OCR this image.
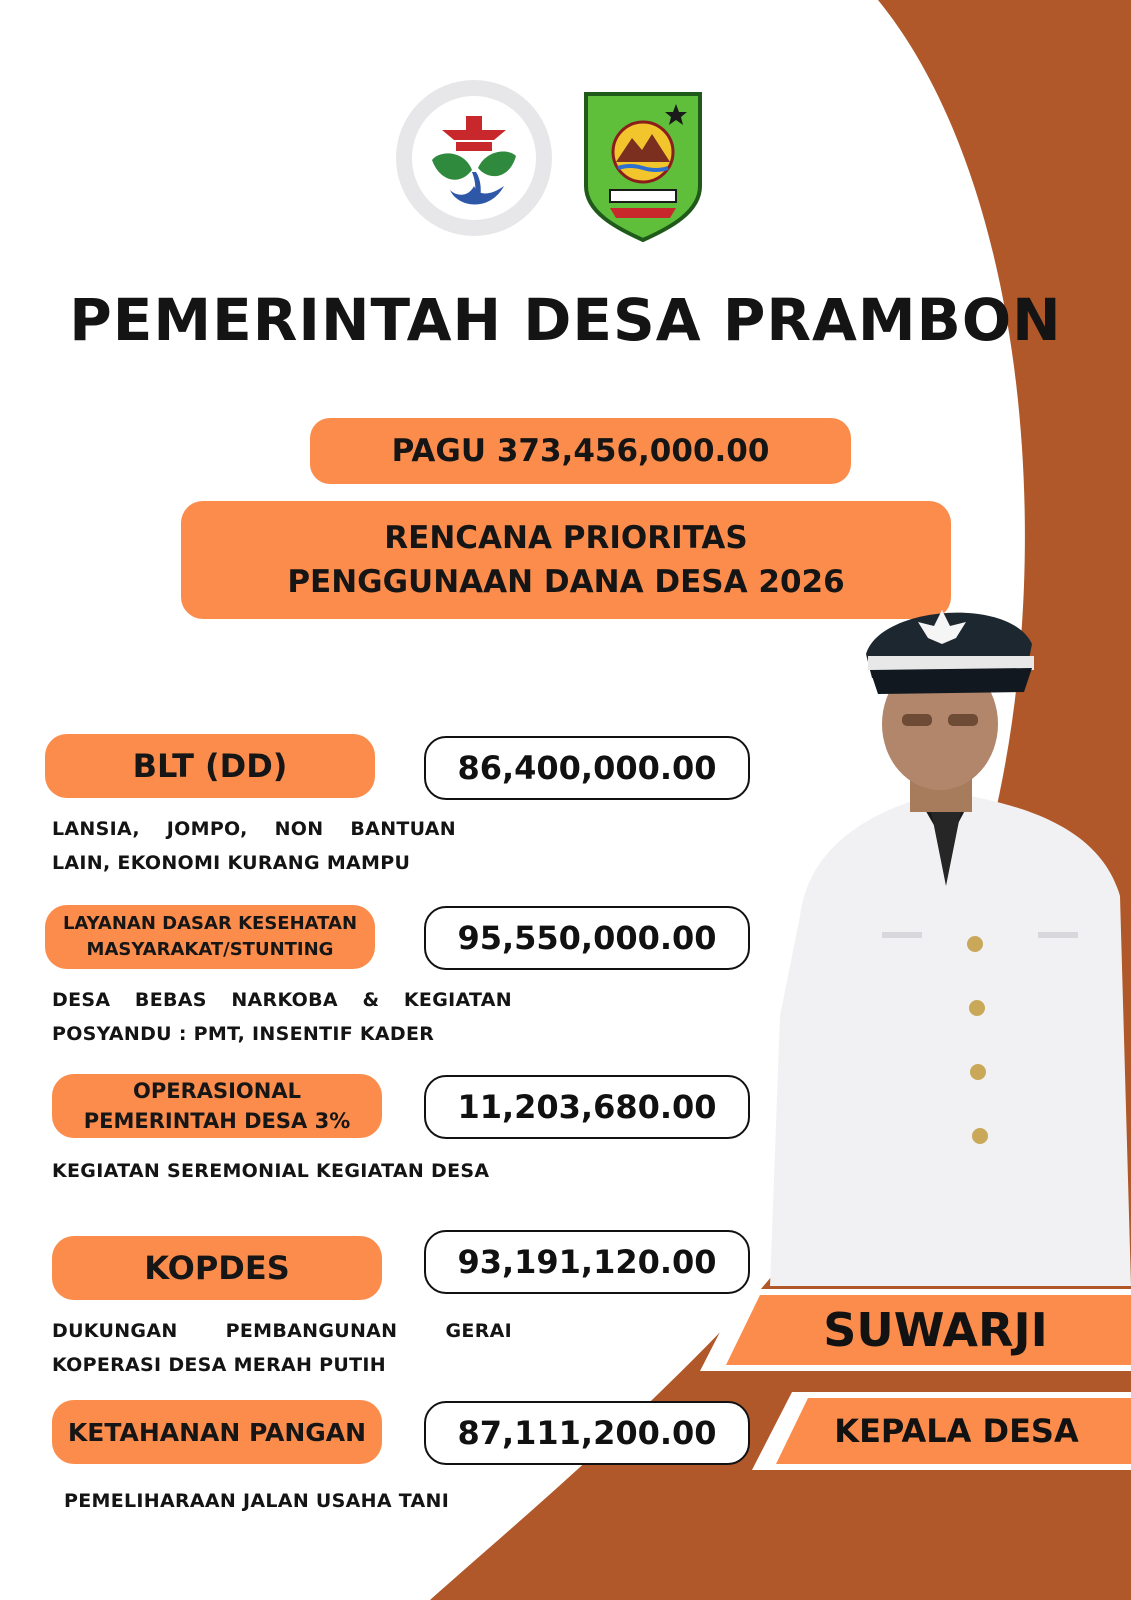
PEMERINTAH DESA PRAMBON
PAGU 373,456,000.00
RENCANA PRIORITAS
PENGGUNAAN DANA DESA 2026
BLT (DD)	86,400,000.00
LANSIA, JOMPO, NON BANTUAN
LAIN, EKONOMI KURANG MAMPU
LAYANAN DASAR KESEHATAN
MASYARAKAT/STUNTING	95,550,000.00
DESA BEBAS NARKOBA & KEGIATAN
POSYANDU : PMT, INSENTIF KADER
OPERASIONAL
PEMERINTAH DESA 3%	11,203,680.00
KEGIATAN SEREMONIAL KEGIATAN DESA
KOPDES	93,191,120.00
DUKUNGAN PEMBANGUNAN GERAI
KOPERASI DESA MERAH PUTIH
KETAHANAN PANGAN	87,111,200.00
PEMELIHARAAN JALAN USAHA TANI
SUWARJI
KEPALA DESA
